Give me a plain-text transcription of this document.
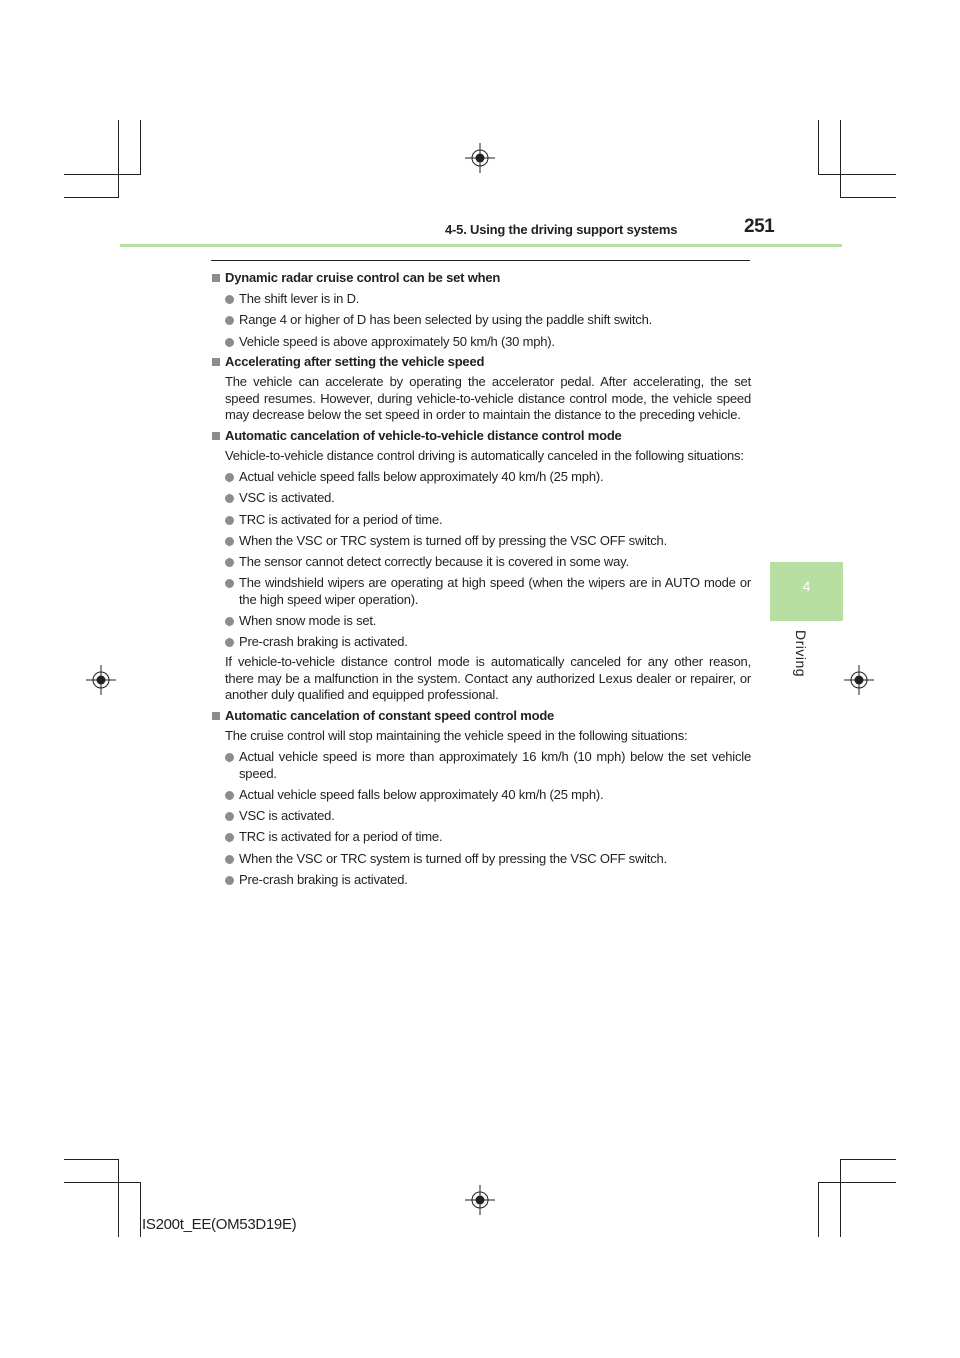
4-5. Using the driving support systems	251
4
Driving
Dynamic radar cruise control can be set when
The shift lever is in D.
Range 4 or higher of D has been selected by using the paddle shift switch.
Vehicle speed is above approximately 50 km/h (30 mph).
Accelerating after setting the vehicle speed
The vehicle can accelerate by operating the accelerator pedal. After accelerating, the set speed resumes. However, during vehicle-to-vehicle distance control mode, the vehicle speed may decrease below the set speed in order to maintain the distance to the preceding vehicle.
Automatic cancelation of vehicle-to-vehicle distance control mode
Vehicle-to-vehicle distance control driving is automatically canceled in the following situations:
Actual vehicle speed falls below approximately 40 km/h (25 mph).
VSC is activated.
TRC is activated for a period of time.
When the VSC or TRC system is turned off by pressing the VSC OFF switch.
The sensor cannot detect correctly because it is covered in some way.
The windshield wipers are operating at high speed (when the wipers are in AUTO mode or the high speed wiper operation).
When snow mode is set.
Pre-crash braking is activated.
If vehicle-to-vehicle distance control mode is automatically canceled for any other reason, there may be a malfunction in the system. Contact any authorized Lexus dealer or repairer, or another duly qualified and equipped professional.
Automatic cancelation of constant speed control mode
The cruise control will stop maintaining the vehicle speed in the following situations:
Actual vehicle speed is more than approximately 16 km/h (10 mph) below the set vehicle speed.
Actual vehicle speed falls below approximately 40 km/h (25 mph).
VSC is activated.
TRC is activated for a period of time.
When the VSC or TRC system is turned off by pressing the VSC OFF switch.
Pre-crash braking is activated.
IS200t_EE(OM53D19E)
